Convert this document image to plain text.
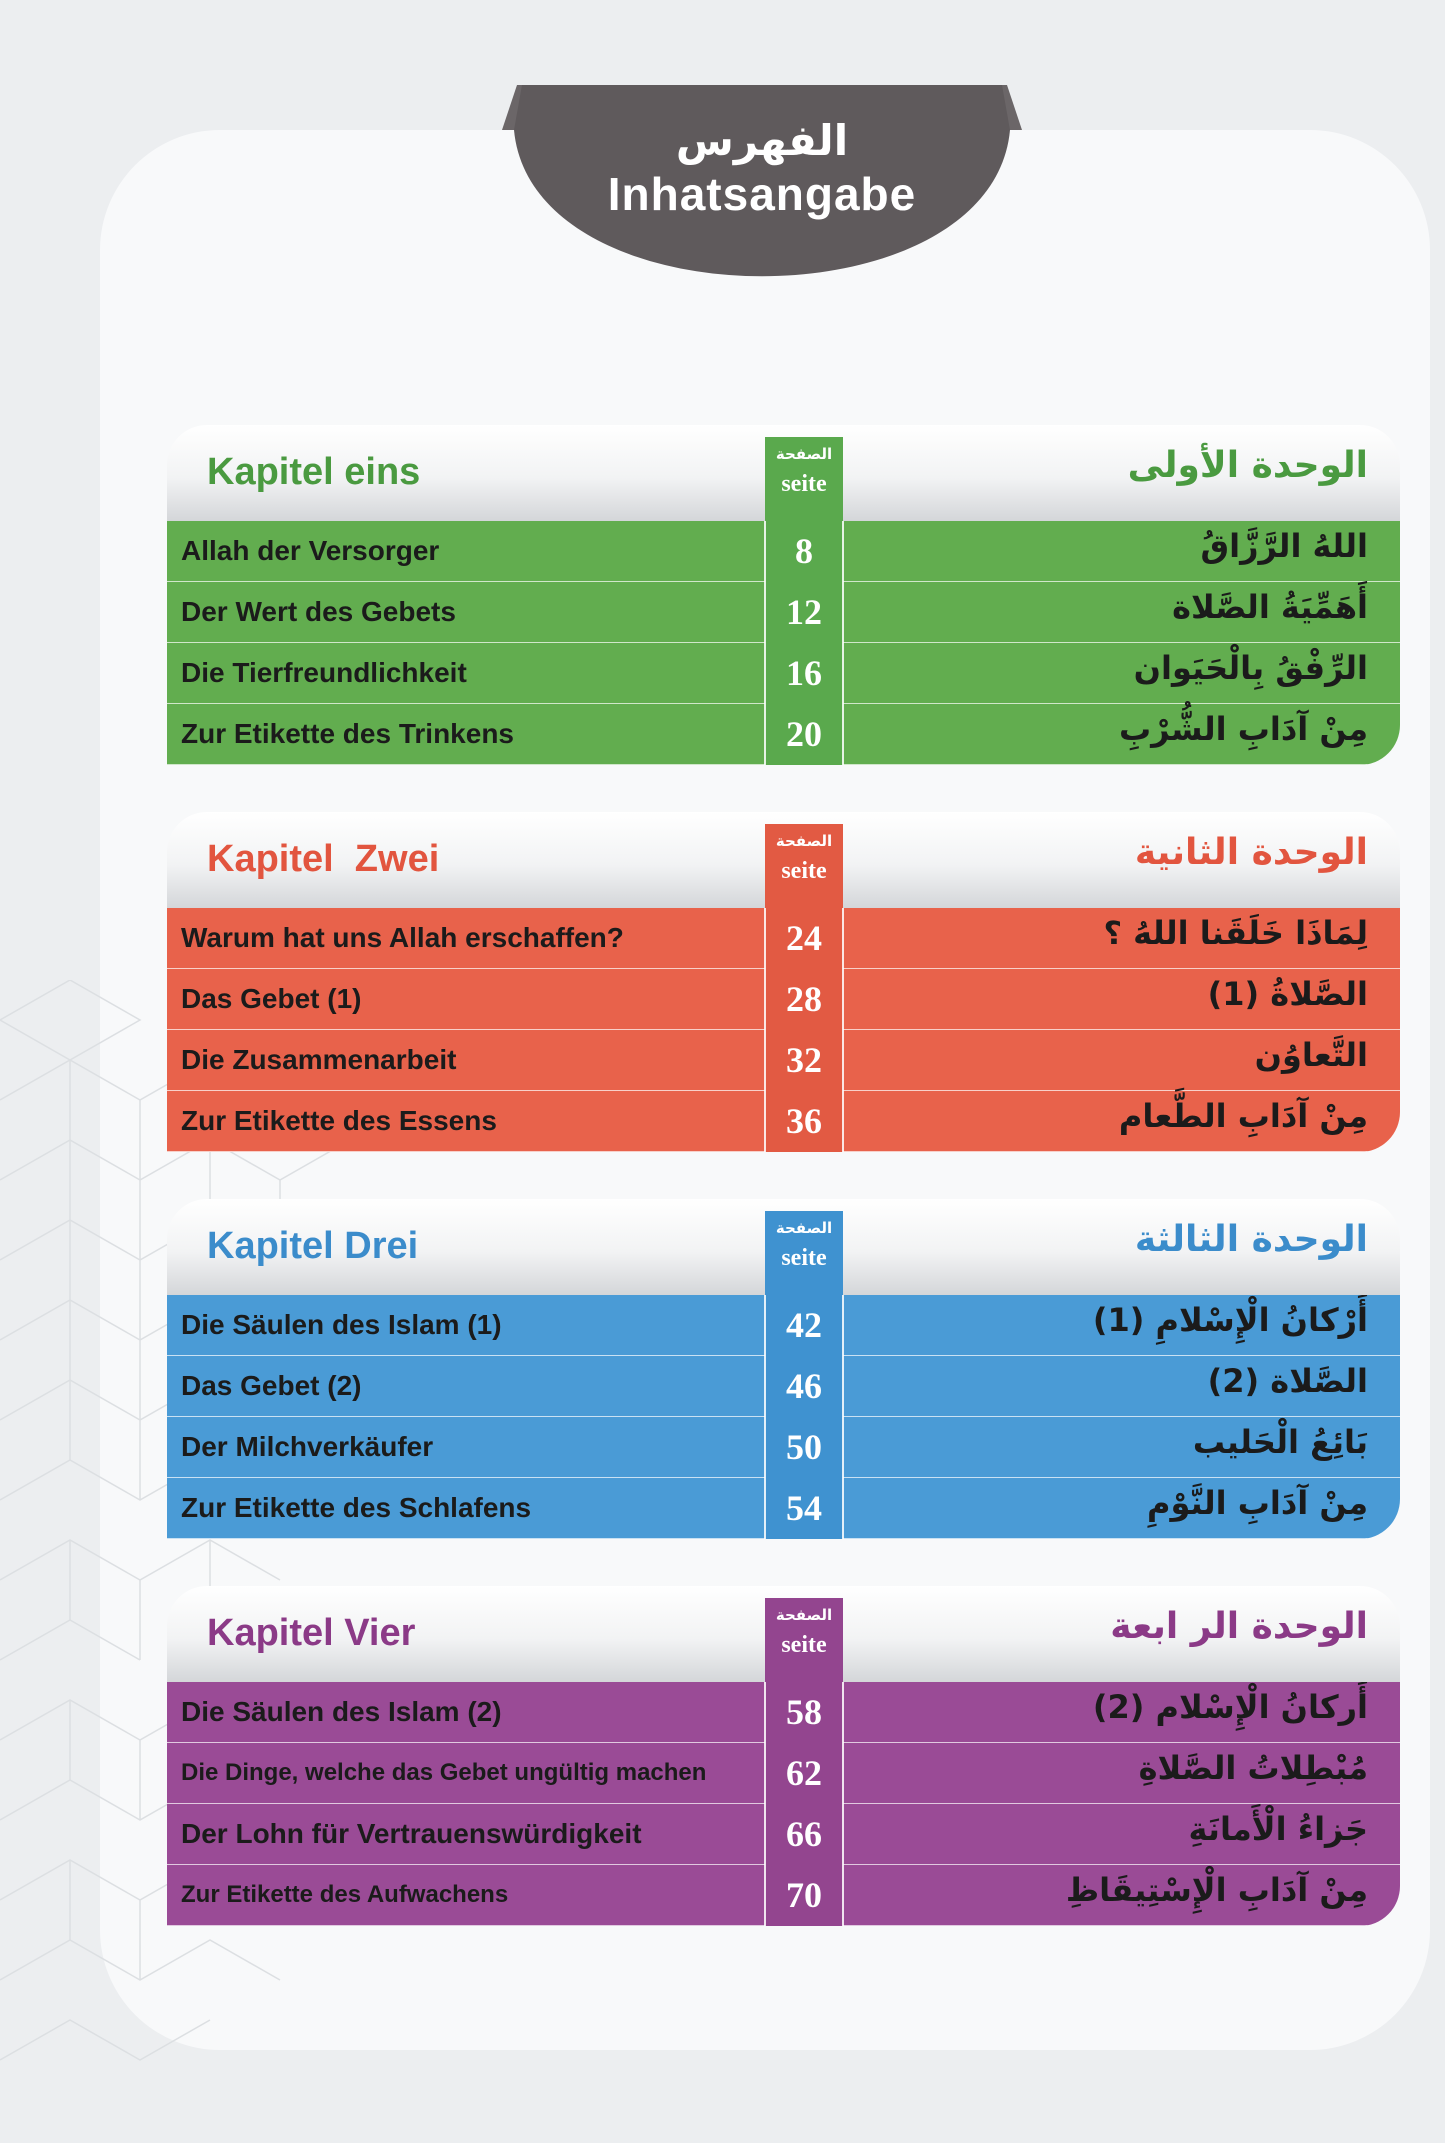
الفهرس
Inhatsangabe
Kapitel eins	الوحدة الأولى
الصفحة
seite
Allah der Versorger	8	اللهُ الرَّزَّاقُ
Der Wert des Gebets	12	أَهَمِّيَةُ الصَّلاة
Die Tierfreundlichkeit	16	الرِّفْقُ بِالْحَيَوان
Zur Etikette des Trinkens	20	مِنْ آدَابِ الشُّرْبِ
Kapitel  Zwei	الوحدة الثانية
الصفحة
seite
Warum hat uns Allah erschaffen?	24	لِمَاذَا خَلَقَنا اللهُ ؟
Das Gebet (1)	28	الصَّلاةُ (1)
Die Zusammenarbeit	32	التَّعاوُن
Zur Etikette des Essens	36	مِنْ آدَابِ الطَّعام
Kapitel Drei	الوحدة الثالثة
الصفحة
seite
Die Säulen des Islam (1)	42	أَرْكانُ الْإِسْلامِ (1)
Das Gebet (2)	46	الصَّلاة (2)
Der Milchverkäufer	50	بَائِعُ الْحَليب
Zur Etikette des Schlafens	54	مِنْ آدَابِ النَّوْمِ
Kapitel Vier	الوحدة الر ابعة
الصفحة
seite
Die Säulen des Islam (2)	58	أَركانُ الْإِسْلام (2)
Die Dinge, welche das Gebet ungültig machen	62	مُبْطِلاتُ الصَّلاةِ
Der Lohn für Vertrauenswürdigkeit	66	جَزاءُ الْأَمانَةِ
Zur Etikette des Aufwachens	70	مِنْ آدَابِ الْإِسْتِيقَاظِ
